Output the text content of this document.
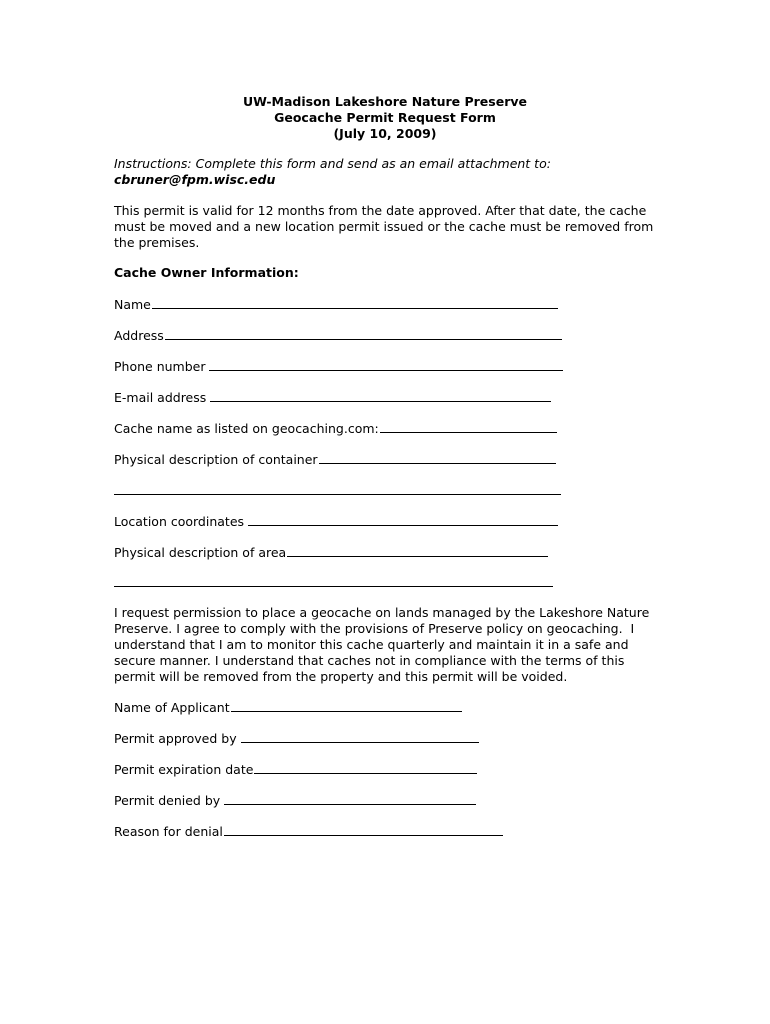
UW-Madison Lakeshore Nature Preserve

Geocache Permit Request Form

(July 10, 2009)

Instructions: Complete this form and send as an email attachment to:

cbruner@fpm.wisc.edu

This permit is valid for 12 months from the date approved. After that date, the cache

must be moved and a new location permit issued or the cache must be removed from

the premises.

Cache Owner Information:

Name
Address
Phone number
E-mail address
Cache name as listed on geocaching.com:
Physical description of container
Location coordinates
Physical description of area

I request permission to place a geocache on lands managed by the Lakeshore Nature

Preserve. I agree to comply with the provisions of Preserve policy on geocaching.  I

understand that I am to monitor this cache quarterly and maintain it in a safe and

secure manner. I understand that caches not in compliance with the terms of this

permit will be removed from the property and this permit will be voided.

Name of Applicant
Permit approved by
Permit expiration date
Permit denied by
Reason for denial
